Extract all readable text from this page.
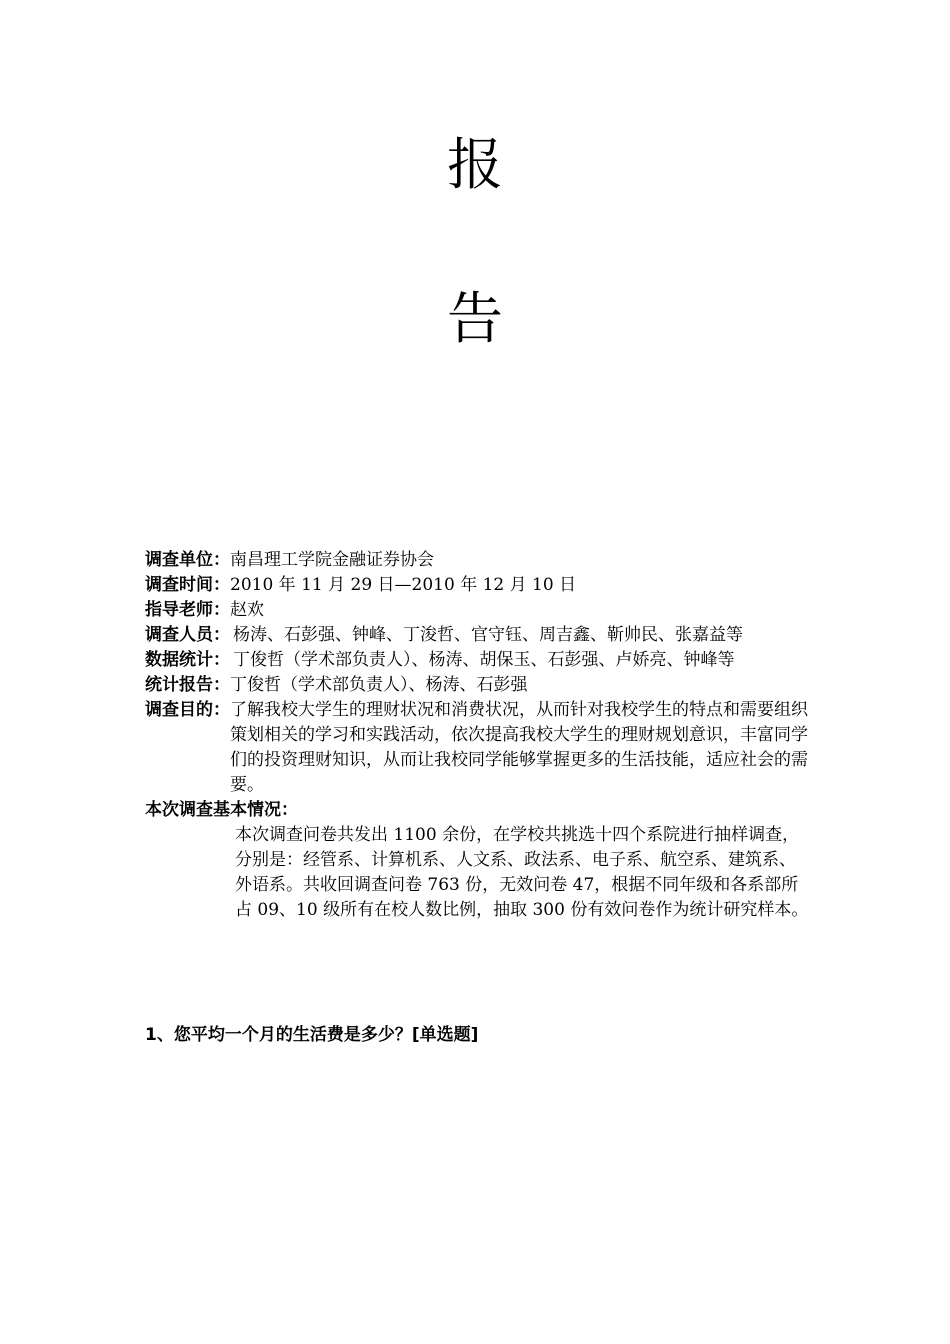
报
告
调查单位： 南昌理工学院金融证券协会
调查时间： 2010 年 11 月 29 日—2010 年 12 月 10 日
指导老师： 赵欢
调查人员： 杨涛、石彭强、钟峰、丁浚哲、官守钰、周吉鑫、靳帅民、张嘉益等
数据统计： 丁俊哲（学术部负责人）、杨涛、胡保玉、石彭强、卢娇亮、钟峰等
统计报告： 丁俊哲（学术部负责人）、杨涛、石彭强
调查目的： 了解我校大学生的理财状况和消费状况，从而针对我校学生的特点和需要组织策划相关的学习和实践活动，依次提高我校大学生的理财规划意识，丰富同学们的投资理财知识，从而让我校同学能够掌握更多的生活技能，适应社会的需要。
本次调查基本情况：
本次调查问卷共发出 1100 余份，在学校共挑选十四个系院进行抽样调查，分别是：经管系、计算机系、人文系、政法系、电子系、航空系、建筑系、外语系。共收回调查问卷 763 份，无效问卷 47，根据不同年级和各系部所占 09、10 级所有在校人数比例，抽取 300 份有效问卷作为统计研究样本。
1、您平均一个月的生活费是多少？[单选题]
